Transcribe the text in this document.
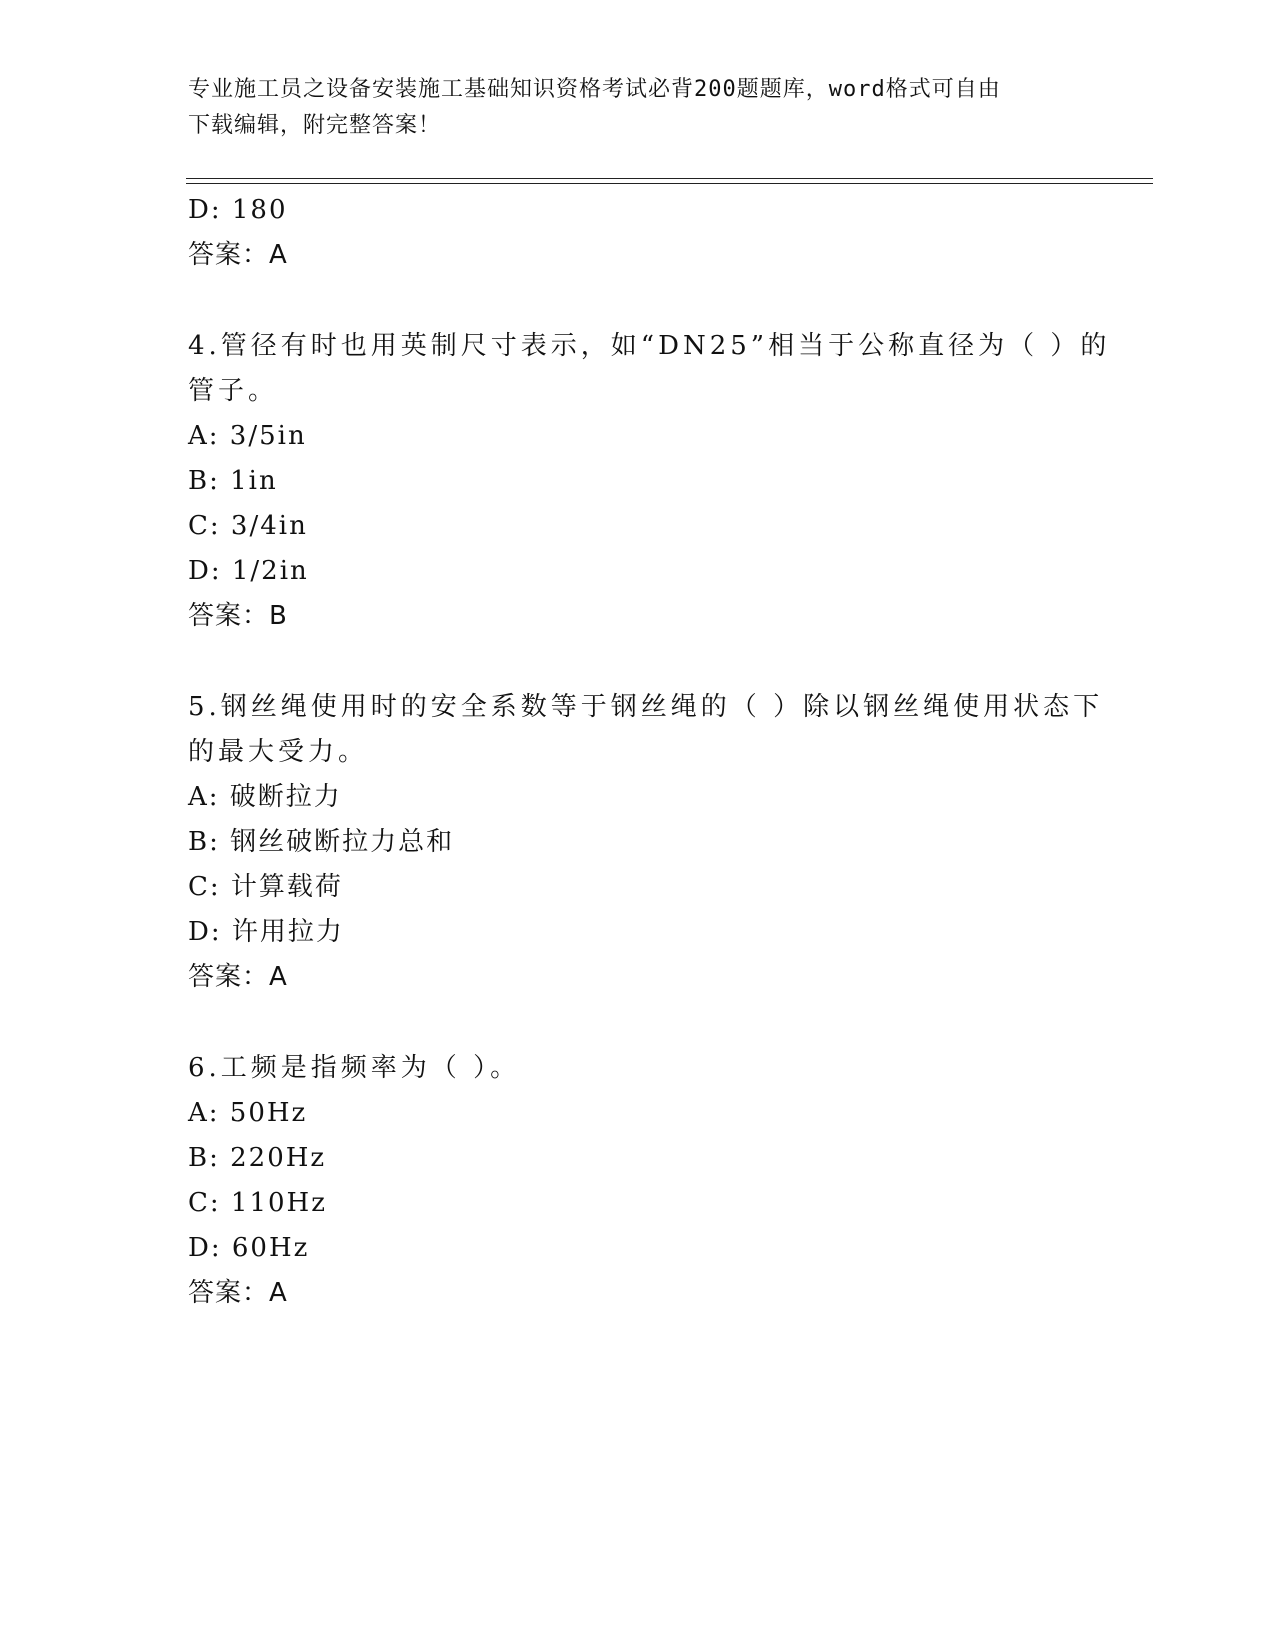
专业施工员之设备安装施工基础知识资格考试必背200题题库，word格式可自由
下载编辑，附完整答案！
D: 180
答案：A
4.管径有时也用英制尺寸表示，如“DN25”相当于公称直径为（ ）的
管子。
A: 3/5in
B: 1in
C: 3/4in
D: 1/2in
答案：B
5.钢丝绳使用时的安全系数等于钢丝绳的（ ）除以钢丝绳使用状态下
的最大受力。
A: 破断拉力
B: 钢丝破断拉力总和
C: 计算载荷
D: 许用拉力
答案：A
6.工频是指频率为（ ）。
A: 50Hz
B: 220Hz
C: 110Hz
D: 60Hz
答案：A
